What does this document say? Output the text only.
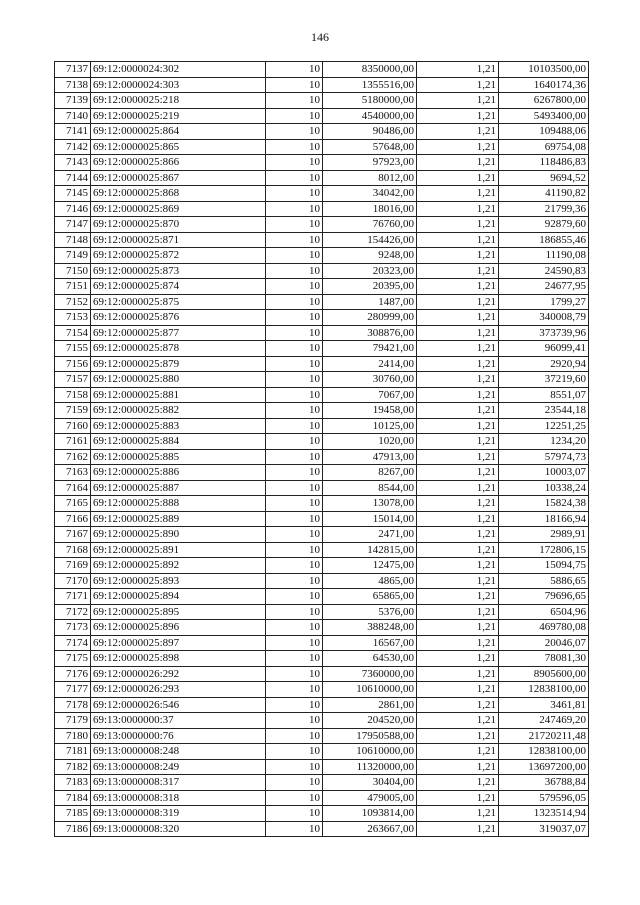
146
7137	69:12:0000024:302	10	8350000,00	1,21	10103500,00
7138	69:12:0000024:303	10	1355516,00	1,21	1640174,36
7139	69:12:0000025:218	10	5180000,00	1,21	6267800,00
7140	69:12:0000025:219	10	4540000,00	1,21	5493400,00
7141	69:12:0000025:864	10	90486,00	1,21	109488,06
7142	69:12:0000025:865	10	57648,00	1,21	69754,08
7143	69:12:0000025:866	10	97923,00	1,21	118486,83
7144	69:12:0000025:867	10	8012,00	1,21	9694,52
7145	69:12:0000025:868	10	34042,00	1,21	41190,82
7146	69:12:0000025:869	10	18016,00	1,21	21799,36
7147	69:12:0000025:870	10	76760,00	1,21	92879,60
7148	69:12:0000025:871	10	154426,00	1,21	186855,46
7149	69:12:0000025:872	10	9248,00	1,21	11190,08
7150	69:12:0000025:873	10	20323,00	1,21	24590,83
7151	69:12:0000025:874	10	20395,00	1,21	24677,95
7152	69:12:0000025:875	10	1487,00	1,21	1799,27
7153	69:12:0000025:876	10	280999,00	1,21	340008,79
7154	69:12:0000025:877	10	308876,00	1,21	373739,96
7155	69:12:0000025:878	10	79421,00	1,21	96099,41
7156	69:12:0000025:879	10	2414,00	1,21	2920,94
7157	69:12:0000025:880	10	30760,00	1,21	37219,60
7158	69:12:0000025:881	10	7067,00	1,21	8551,07
7159	69:12:0000025:882	10	19458,00	1,21	23544,18
7160	69:12:0000025:883	10	10125,00	1,21	12251,25
7161	69:12:0000025:884	10	1020,00	1,21	1234,20
7162	69:12:0000025:885	10	47913,00	1,21	57974,73
7163	69:12:0000025:886	10	8267,00	1,21	10003,07
7164	69:12:0000025:887	10	8544,00	1,21	10338,24
7165	69:12:0000025:888	10	13078,00	1,21	15824,38
7166	69:12:0000025:889	10	15014,00	1,21	18166,94
7167	69:12:0000025:890	10	2471,00	1,21	2989,91
7168	69:12:0000025:891	10	142815,00	1,21	172806,15
7169	69:12:0000025:892	10	12475,00	1,21	15094,75
7170	69:12:0000025:893	10	4865,00	1,21	5886,65
7171	69:12:0000025:894	10	65865,00	1,21	79696,65
7172	69:12:0000025:895	10	5376,00	1,21	6504,96
7173	69:12:0000025:896	10	388248,00	1,21	469780,08
7174	69:12:0000025:897	10	16567,00	1,21	20046,07
7175	69:12:0000025:898	10	64530,00	1,21	78081,30
7176	69:12:0000026:292	10	7360000,00	1,21	8905600,00
7177	69:12:0000026:293	10	10610000,00	1,21	12838100,00
7178	69:12:0000026:546	10	2861,00	1,21	3461,81
7179	69:13:0000000:37	10	204520,00	1,21	247469,20
7180	69:13:0000000:76	10	17950588,00	1,21	21720211,48
7181	69:13:0000008:248	10	10610000,00	1,21	12838100,00
7182	69:13:0000008:249	10	11320000,00	1,21	13697200,00
7183	69:13:0000008:317	10	30404,00	1,21	36788,84
7184	69:13:0000008:318	10	479005,00	1,21	579596,05
7185	69:13:0000008:319	10	1093814,00	1,21	1323514,94
7186	69:13:0000008:320	10	263667,00	1,21	319037,07
